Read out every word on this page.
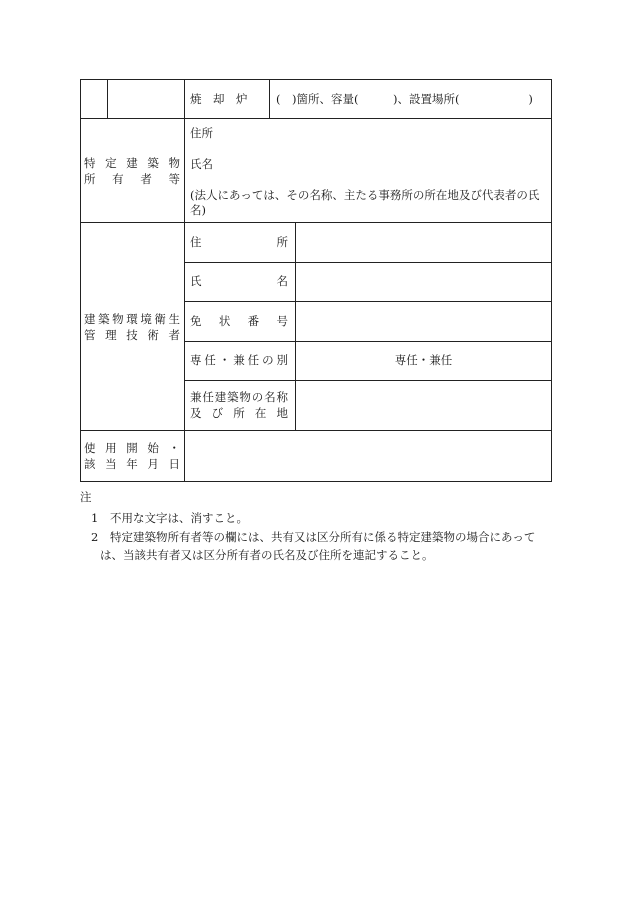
焼　却　炉 (　)箇所、容量(　　　)、設置場所(　　　　　　)
特定建築物
所　有　者　等
住所
氏名
(法人にあっては、その名称、主たる事務所の所在地及び代表者の氏
名)
建築物環境衛生
管理技術者
住　　　　所
氏　　　　名
免　状　番　号
専任・兼任の別	専任・兼任
兼任建築物の名称
及び所在地
使用開始・
該当年月日
注
1 不用な文字は、消すこと。
2 特定建築物所有者等の欄には、共有又は区分所有に係る特定建築物の場合にあって
は、当該共有者又は区分所有者の氏名及び住所を連記すること。
